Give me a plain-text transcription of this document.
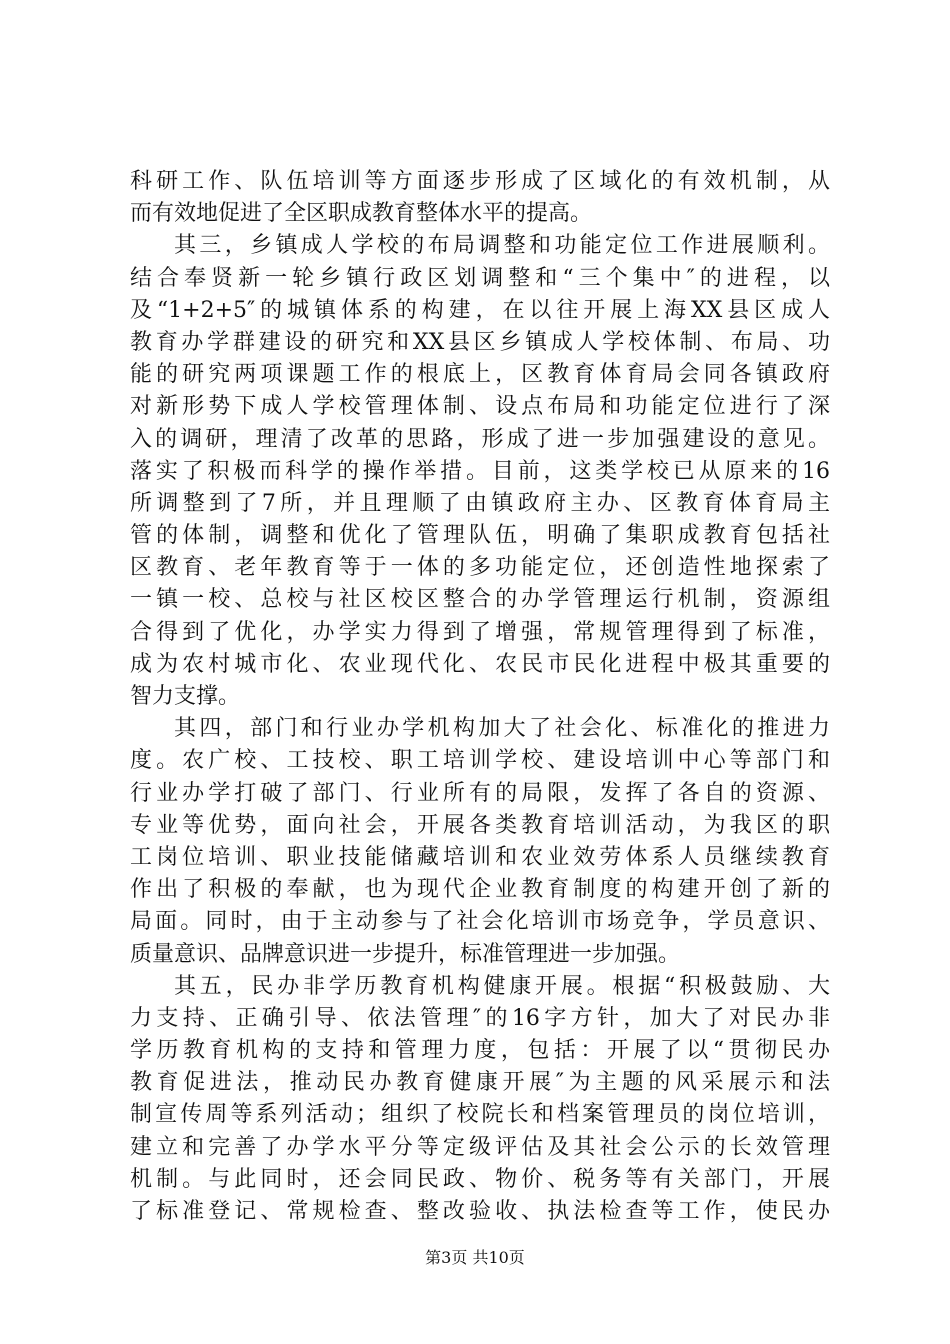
科研工作、队伍培训等方面逐步形成了区域化的有效机制，从
而有效地促进了全区职成教育整体水平的提高。
其三，乡镇成人学校的布局调整和功能定位工作进展顺利。
结合奉贤新一轮乡镇行政区划调整和“三个集中″的进程，以
及“1+2+5″的城镇体系的构建，在以往开展上海XX县区成人
教育办学群建设的研究和XX县区乡镇成人学校体制、布局、功
能的研究两项课题工作的根底上，区教育体育局会同各镇政府
对新形势下成人学校管理体制、设点布局和功能定位进行了深
入的调研，理清了改革的思路，形成了进一步加强建设的意见。
落实了积极而科学的操作举措。目前，这类学校已从原来的16
所调整到了7所，并且理顺了由镇政府主办、区教育体育局主
管的体制，调整和优化了管理队伍，明确了集职成教育包括社
区教育、老年教育等于一体的多功能定位，还创造性地探索了
一镇一校、总校与社区校区整合的办学管理运行机制，资源组
合得到了优化，办学实力得到了增强，常规管理得到了标准，
成为农村城市化、农业现代化、农民市民化进程中极其重要的
智力支撑。
其四，部门和行业办学机构加大了社会化、标准化的推进力
度。农广校、工技校、职工培训学校、建设培训中心等部门和
行业办学打破了部门、行业所有的局限，发挥了各自的资源、
专业等优势，面向社会，开展各类教育培训活动，为我区的职
工岗位培训、职业技能储藏培训和农业效劳体系人员继续教育
作出了积极的奉献，也为现代企业教育制度的构建开创了新的
局面。同时，由于主动参与了社会化培训市场竞争，学员意识、
质量意识、品牌意识进一步提升，标准管理进一步加强。
其五，民办非学历教育机构健康开展。根据“积极鼓励、大
力支持、正确引导、依法管理″的16字方针，加大了对民办非
学历教育机构的支持和管理力度，包括：开展了以“贯彻民办
教育促进法，推动民办教育健康开展″为主题的风采展示和法
制宣传周等系列活动；组织了校院长和档案管理员的岗位培训，
建立和完善了办学水平分等定级评估及其社会公示的长效管理
机制。与此同时，还会同民政、物价、税务等有关部门，开展
了标准登记、常规检查、整改验收、执法检查等工作，使民办
第3页 共10页
